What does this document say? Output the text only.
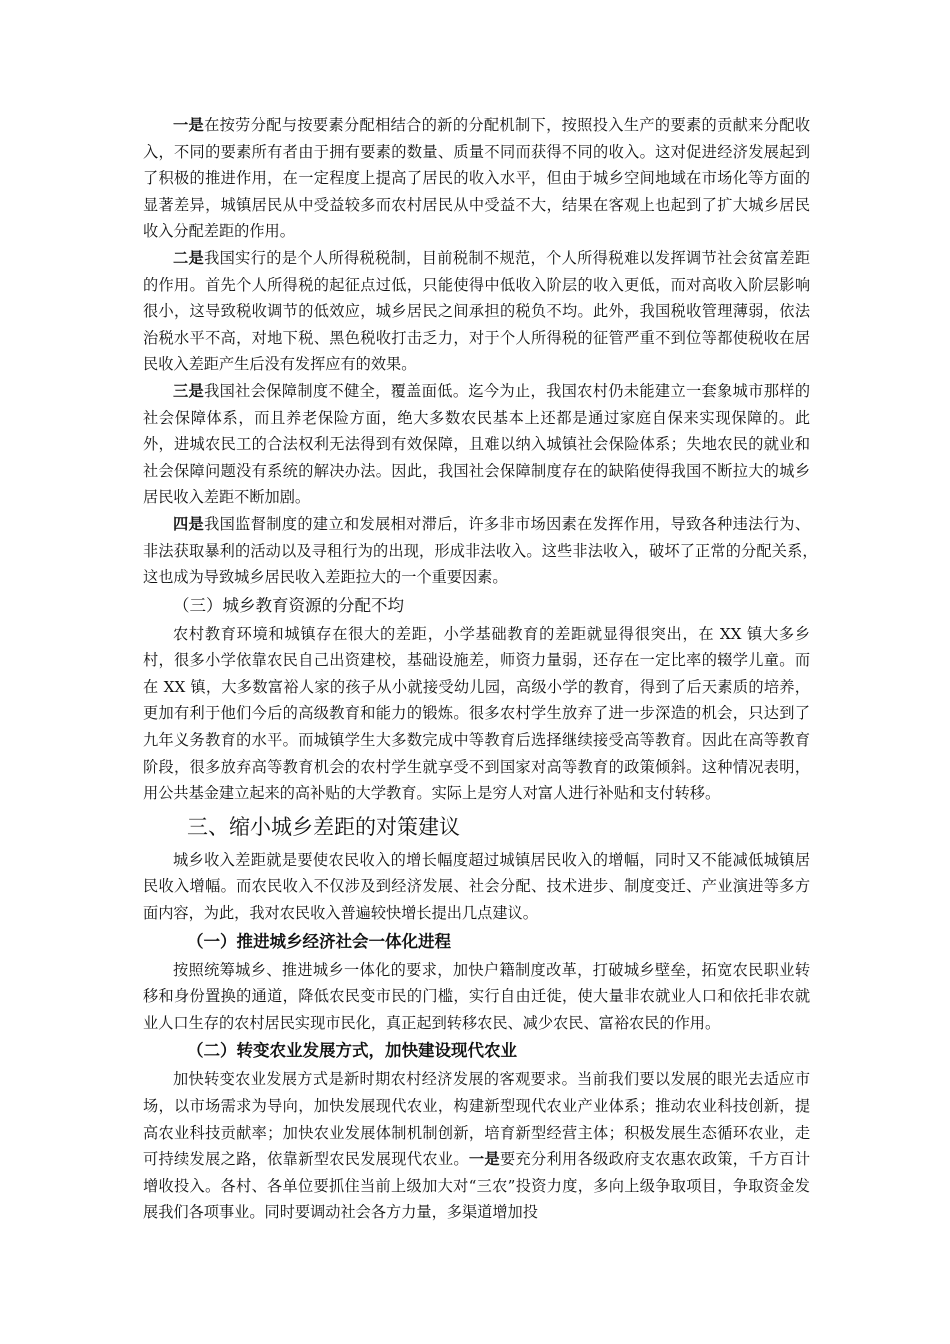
一是在按劳分配与按要素分配相结合的新的分配机制下，按照投入生产的要素的贡献来分配收入，不同的要素所有者由于拥有要素的数量、质量不同而获得不同的收入。这对促进经济发展起到了积极的推进作用，在一定程度上提高了居民的收入水平，但由于城乡空间地域在市场化等方面的显著差异，城镇居民从中受益较多而农村居民从中受益不大，结果在客观上也起到了扩大城乡居民收入分配差距的作用。

二是我国实行的是个人所得税税制，目前税制不规范，个人所得税难以发挥调节社会贫富差距的作用。首先个人所得税的起征点过低，只能使得中低收入阶层的收入更低，而对高收入阶层影响很小，这导致税收调节的低效应，城乡居民之间承担的税负不均。此外，我国税收管理薄弱，依法治税水平不高，对地下税、黑色税收打击乏力，对于个人所得税的征管严重不到位等都使税收在居民收入差距产生后没有发挥应有的效果。

三是我国社会保障制度不健全，覆盖面低。迄今为止，我国农村仍未能建立一套象城市那样的社会保障体系，而且养老保险方面，绝大多数农民基本上还都是通过家庭自保来实现保障的。此外，进城农民工的合法权利无法得到有效保障，且难以纳入城镇社会保险体系；失地农民的就业和社会保障问题没有系统的解决办法。因此，我国社会保障制度存在的缺陷使得我国不断拉大的城乡居民收入差距不断加剧。

四是我国监督制度的建立和发展相对滞后，许多非市场因素在发挥作用，导致各种违法行为、非法获取暴利的活动以及寻租行为的出现，形成非法收入。这些非法收入，破坏了正常的分配关系，　这也成为导致城乡居民收入差距拉大的一个重要因素。

（三）城乡教育资源的分配不均

农村教育环境和城镇存在很大的差距，小学基础教育的差距就显得很突出，在 XX 镇大多乡村，很多小学依靠农民自己出资建校，基础设施差，师资力量弱，还存在一定比率的辍学儿童。而在 XX 镇，大多数富裕人家的孩子从小就接受幼儿园，高级小学的教育，得到了后天素质的培养，更加有利于他们今后的高级教育和能力的锻炼。很多农村学生放弃了进一步深造的机会，只达到了九年义务教育的水平。而城镇学生大多数完成中等教育后选择继续接受高等教育。因此在高等教育阶段，很多放弃高等教育机会的农村学生就享受不到国家对高等教育的政策倾斜。这种情况表明，用公共基金建立起来的高补贴的大学教育。实际上是穷人对富人进行补贴和支付转移。

三、缩小城乡差距的对策建议

城乡收入差距就是要使农民收入的增长幅度超过城镇居民收入的增幅，同时又不能减低城镇居民收入增幅。而农民收入不仅涉及到经济发展、社会分配、技术进步、制度变迁、产业演进等多方面内容，为此，我对农民收入普遍较快增长提出几点建议。

（一）推进城乡经济社会一体化进程

按照统筹城乡、推进城乡一体化的要求，加快户籍制度改革，打破城乡壁垒，拓宽农民职业转移和身份置换的通道，降低农民变市民的门槛，实行自由迁徙，使大量非农就业人口和依托非农就业人口生存的农村居民实现市民化，真正起到转移农民、减少农民、富裕农民的作用。

（二）转变农业发展方式，加快建设现代农业

加快转变农业发展方式是新时期农村经济发展的客观要求。当前我们要以发展的眼光去适应市场，以市场需求为导向，加快发展现代农业，构建新型现代农业产业体系；推动农业科技创新，提高农业科技贡献率；加快农业发展体制机制创新，培育新型经营主体；积极发展生态循环农业，走可持续发展之路，依靠新型农民发展现代农业。一是要充分利用各级政府支农惠农政策，千方百计增收投入。各村、各单位要抓住当前上级加大对“三农”投资力度，多向上级争取项目，争取资金发展我们各项事业。同时要调动社会各方力量，多渠道增加投
